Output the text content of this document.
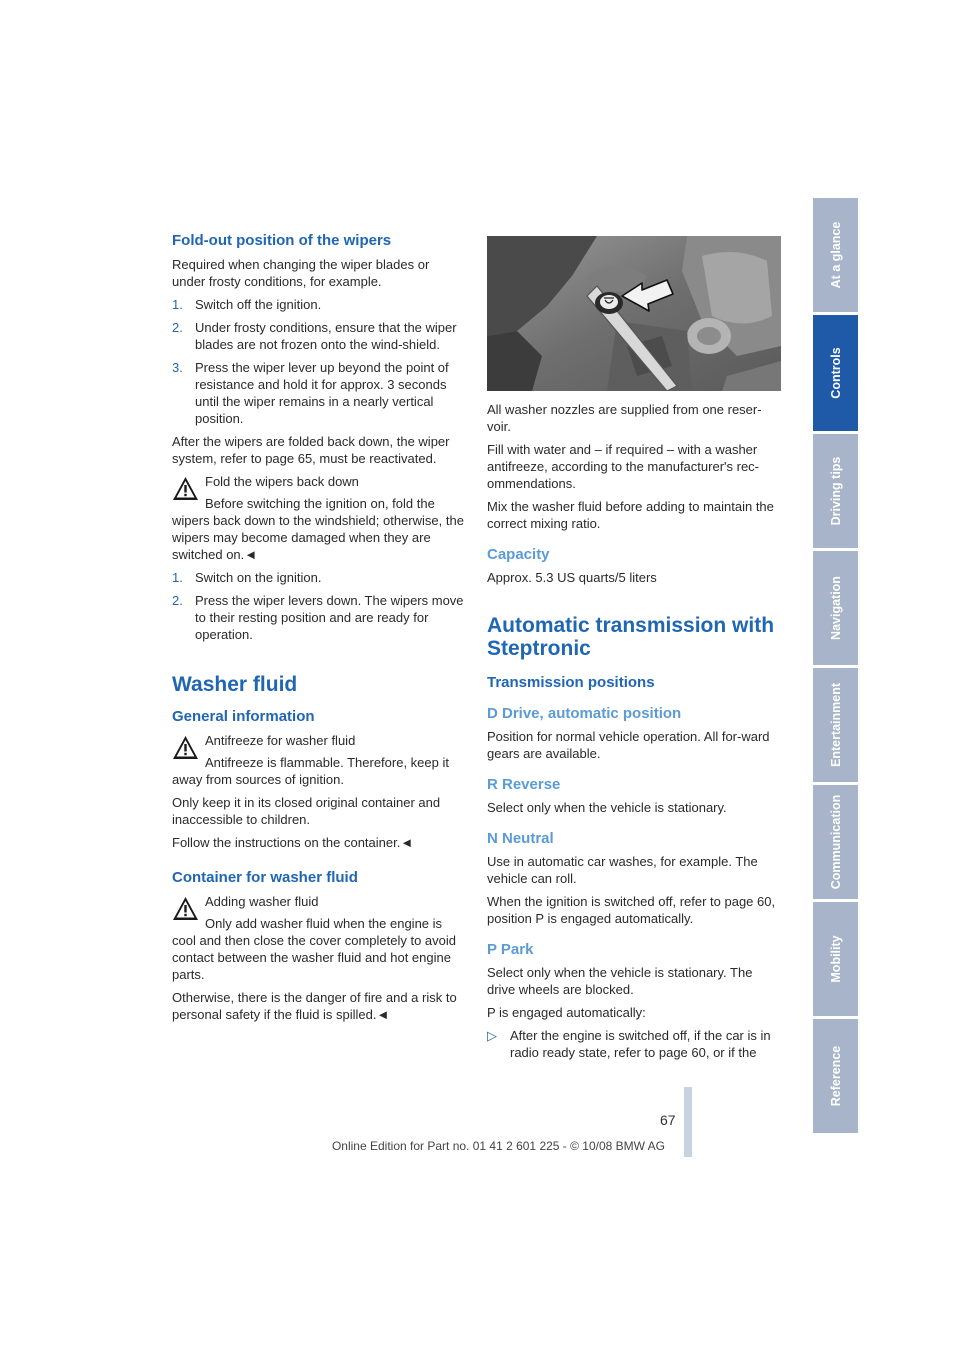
Fold-out position of the wipers

Required when changing the wiper blades or under frosty conditions, for example.

1. Switch off the ignition.
2. Under frosty conditions, ensure that the wiper blades are not frozen onto the wind-shield.
3. Press the wiper lever up beyond the point of resistance and hold it for approx. 3 seconds until the wiper remains in a nearly vertical position.

After the wipers are folded back down, the wiper system, refer to page 65, must be reactivated.

Fold the wipers back down

Before switching the ignition on, fold the wipers back down to the windshield; otherwise, the wipers may become damaged when they are switched on.◄

1. Switch on the ignition.
2. Press the wiper levers down. The wipers move to their resting position and are ready for operation.
Washer fluid
General information

Antifreeze for washer fluid

Antifreeze is flammable. Therefore, keep it away from sources of ignition.

Only keep it in its closed original container and inaccessible to children.

Follow the instructions on the container.◄

Container for washer fluid

Adding washer fluid

Only add washer fluid when the engine is cool and then close the cover completely to avoid contact between the washer fluid and hot engine parts.

Otherwise, there is the danger of fire and a risk to personal safety if the fluid is spilled.◄

All washer nozzles are supplied from one reser-voir.

Fill with water and – if required – with a washer antifreeze, according to the manufacturer's rec-ommendations.

Mix the washer fluid before adding to maintain the correct mixing ratio.

Capacity

Approx. 5.3 US quarts/5 liters

Automatic transmission with Steptronic
Transmission positions
D Drive, automatic position

Position for normal vehicle operation. All for-ward gears are available.

R Reverse

Select only when the vehicle is stationary.

N Neutral

Use in automatic car washes, for example. The vehicle can roll.

When the ignition is switched off, refer to page 60, position P is engaged automatically.

P Park

Select only when the vehicle is stationary. The drive wheels are blocked.

P is engaged automatically:

▷ After the engine is switched off, if the car is in radio ready state, refer to page 60, or if the
At a glance
Controls
Driving tips
Navigation
Entertainment
Communication
Mobility
Reference
67
Online Edition for Part no. 01 41 2 601 225 - © 10/08 BMW AG
